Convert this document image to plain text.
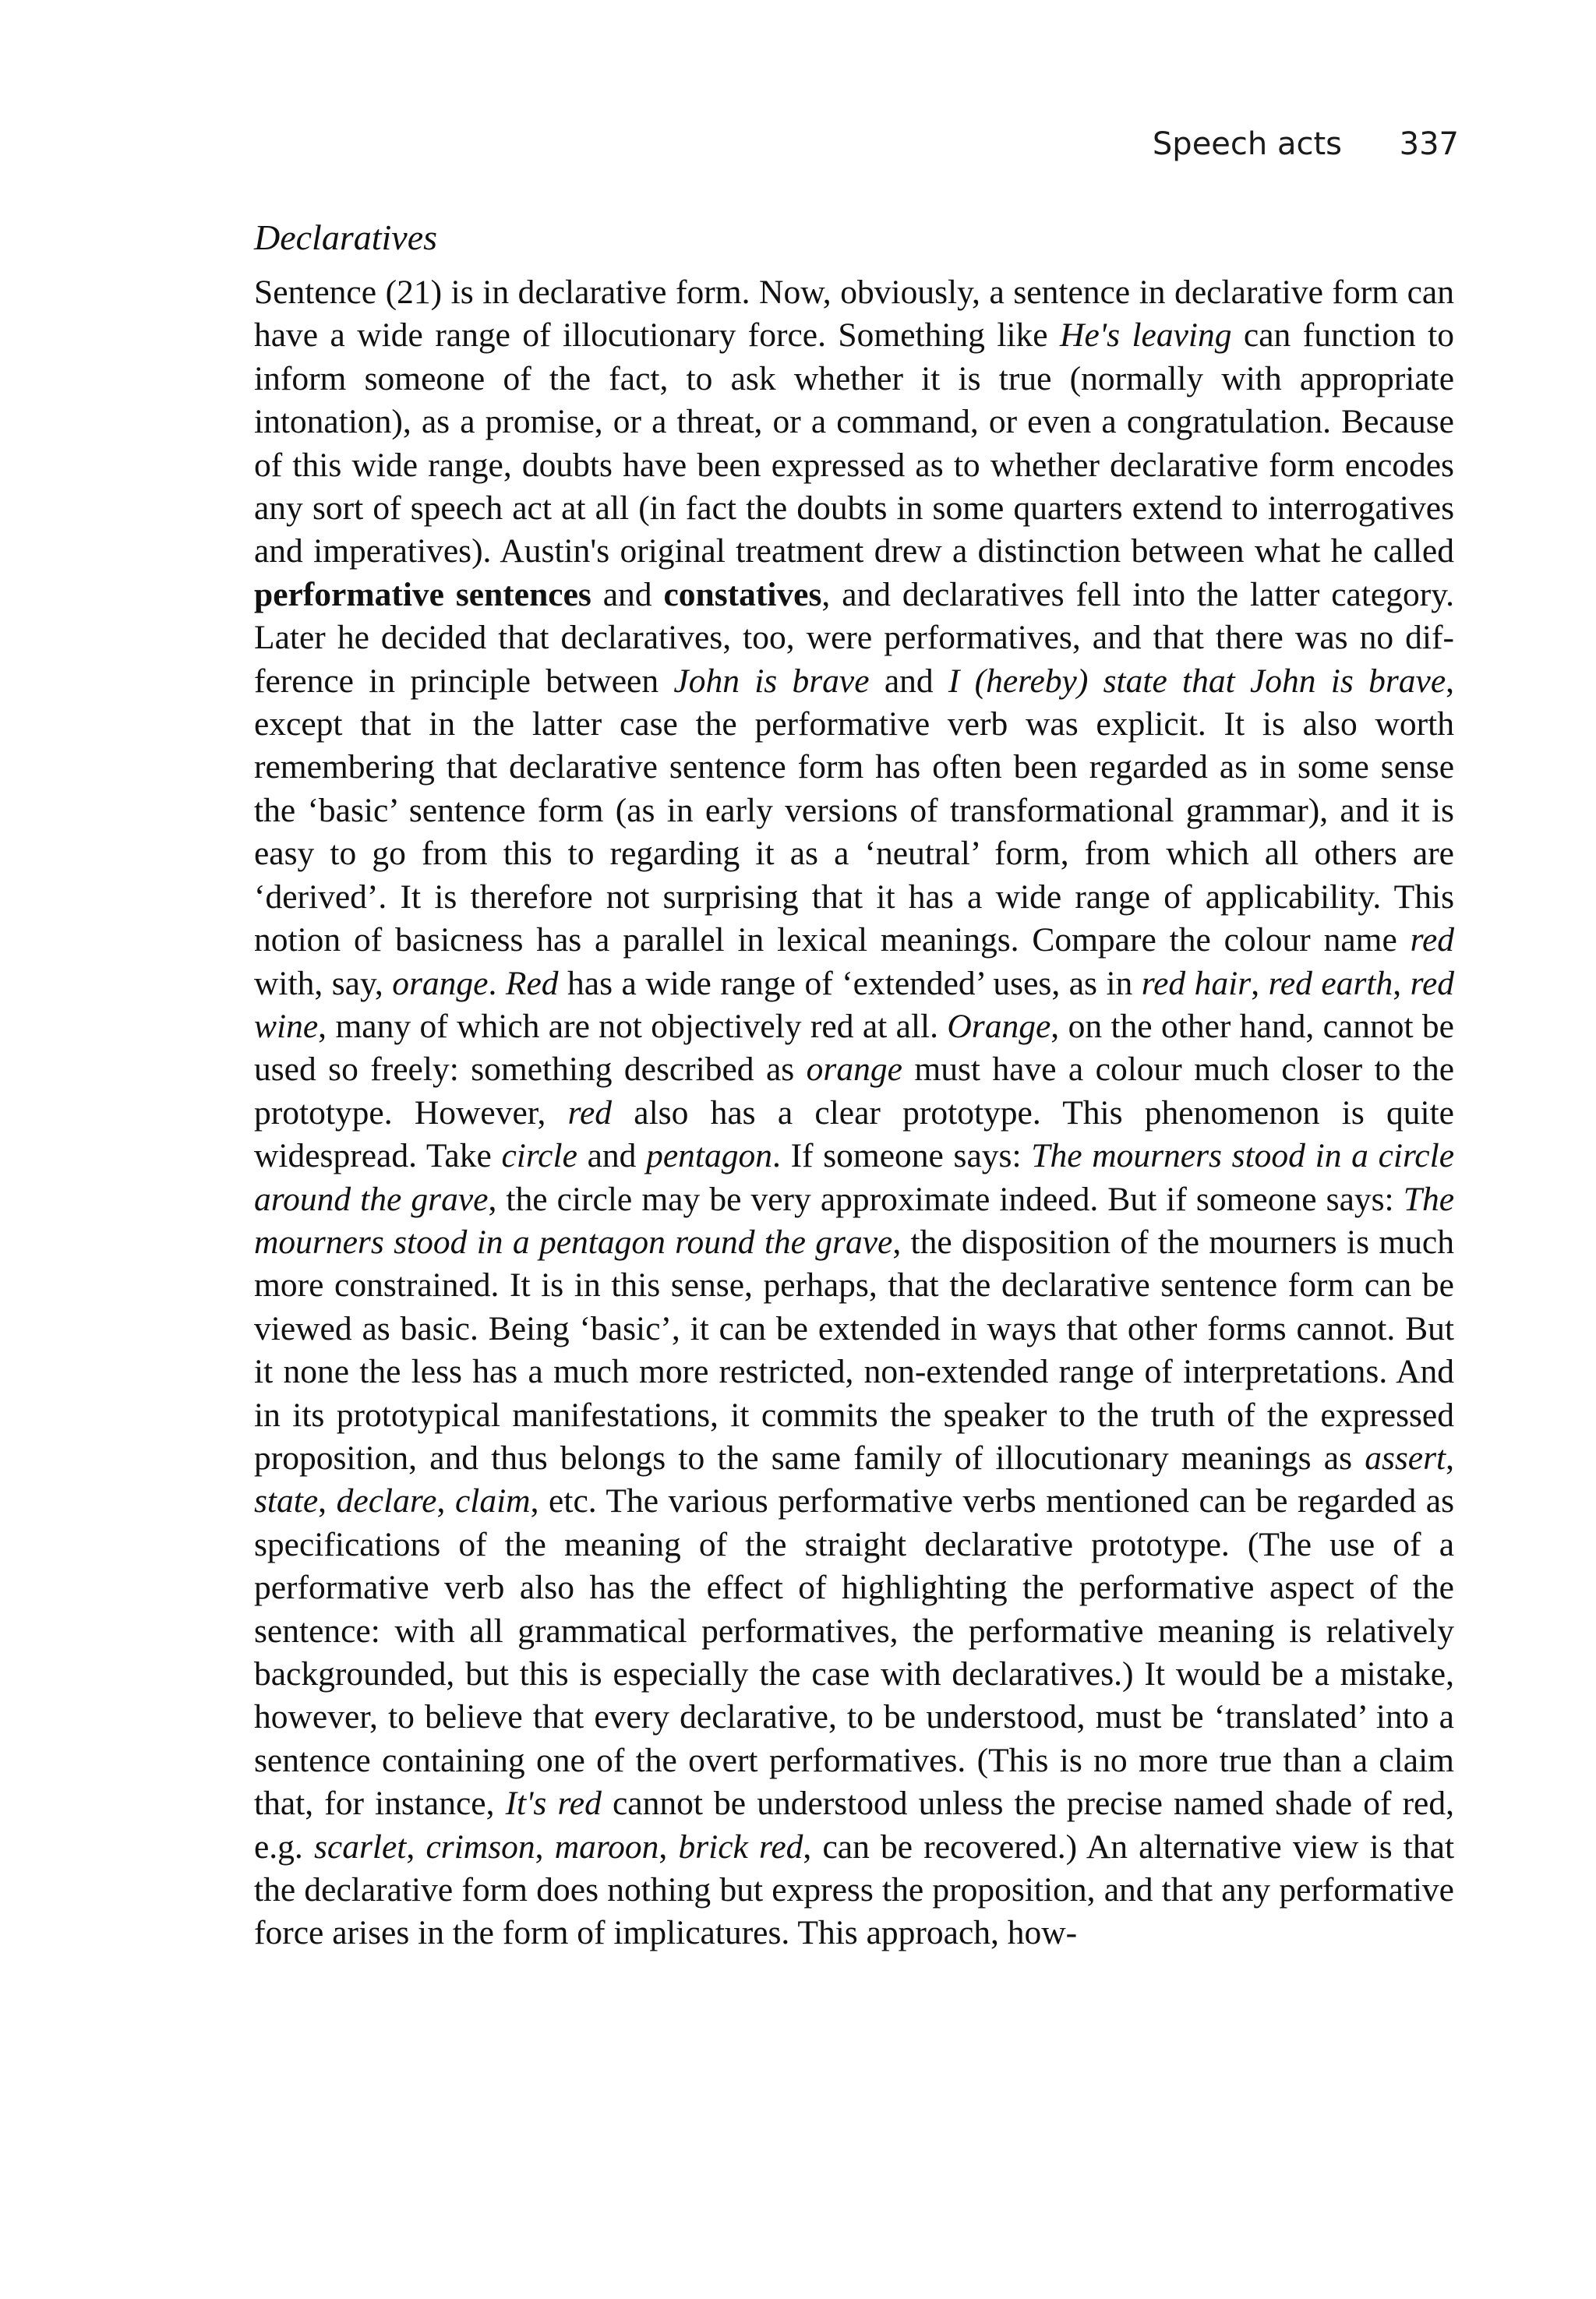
Speech acts 337
Declaratives

Sentence (21) is in declarative form. Now, obviously, a sentence in declarative form can have a wide range of illocutionary force. Something like He's leaving can function to inform someone of the fact, to ask whether it is true (normally with appropriate intonation), as a promise, or a threat, or a command, or even a congratulation. Because of this wide range, doubts have been expressed as to whether declarative form encodes any sort of speech act at all (in fact the doubts in some quarters extend to interrogatives and imperatives). Austin's original treatment drew a distinction between what he called performative sentences and constatives, and declaratives fell into the latter category. Later he decided that declaratives, too, were performatives, and that there was no difference in principle between John is brave and I (hereby) state that John is brave, except that in the latter case the performative verb was explicit. It is also worth remembering that declarative sentence form has often been regarded as in some sense the ‘basic’ sentence form (as in early versions of transformational grammar), and it is easy to go from this to regarding it as a ‘neutral’ form, from which all others are ‘derived’. It is therefore not surprising that it has a wide range of applicability. This notion of basicness has a parallel in lexical meanings. Compare the colour name red with, say, orange. Red has a wide range of ‘extended’ uses, as in red hair, red earth, red wine, many of which are not objectively red at all. Orange, on the other hand, cannot be used so freely: something described as orange must have a colour much closer to the prototype. However, red also has a clear prototype. This phenomenon is quite widespread. Take circle and pentagon. If someone says: The mourners stood in a circle around the grave, the circle may be very approximate indeed. But if someone says: The mourners stood in a pentagon round the grave, the disposition of the mourners is much more constrained. It is in this sense, perhaps, that the declarative sentence form can be viewed as basic. Being ‘basic’, it can be extended in ways that other forms cannot. But it none the less has a much more restricted, non-extended range of interpretations. And in its prototypical manifestations, it commits the speaker to the truth of the expressed proposition, and thus belongs to the same family of illocutionary meanings as assert, state, declare, claim, etc. The various performative verbs mentioned can be regarded as specifications of the meaning of the straight declarative prototype. (The use of a performative verb also has the effect of highlighting the performative aspect of the sentence: with all grammatical performatives, the performative meaning is relatively backgrounded, but this is especially the case with declaratives.) It would be a mistake, however, to believe that every declarative, to be understood, must be ‘translated’ into a sentence containing one of the overt performatives. (This is no more true than a claim that, for instance, It's red cannot be understood unless the precise named shade of red, e.g. scarlet, crimson, maroon, brick red, can be recovered.) An alternative view is that the declarative form does nothing but express the proposition, and that any performative force arises in the form of implicatures. This approach, how-
